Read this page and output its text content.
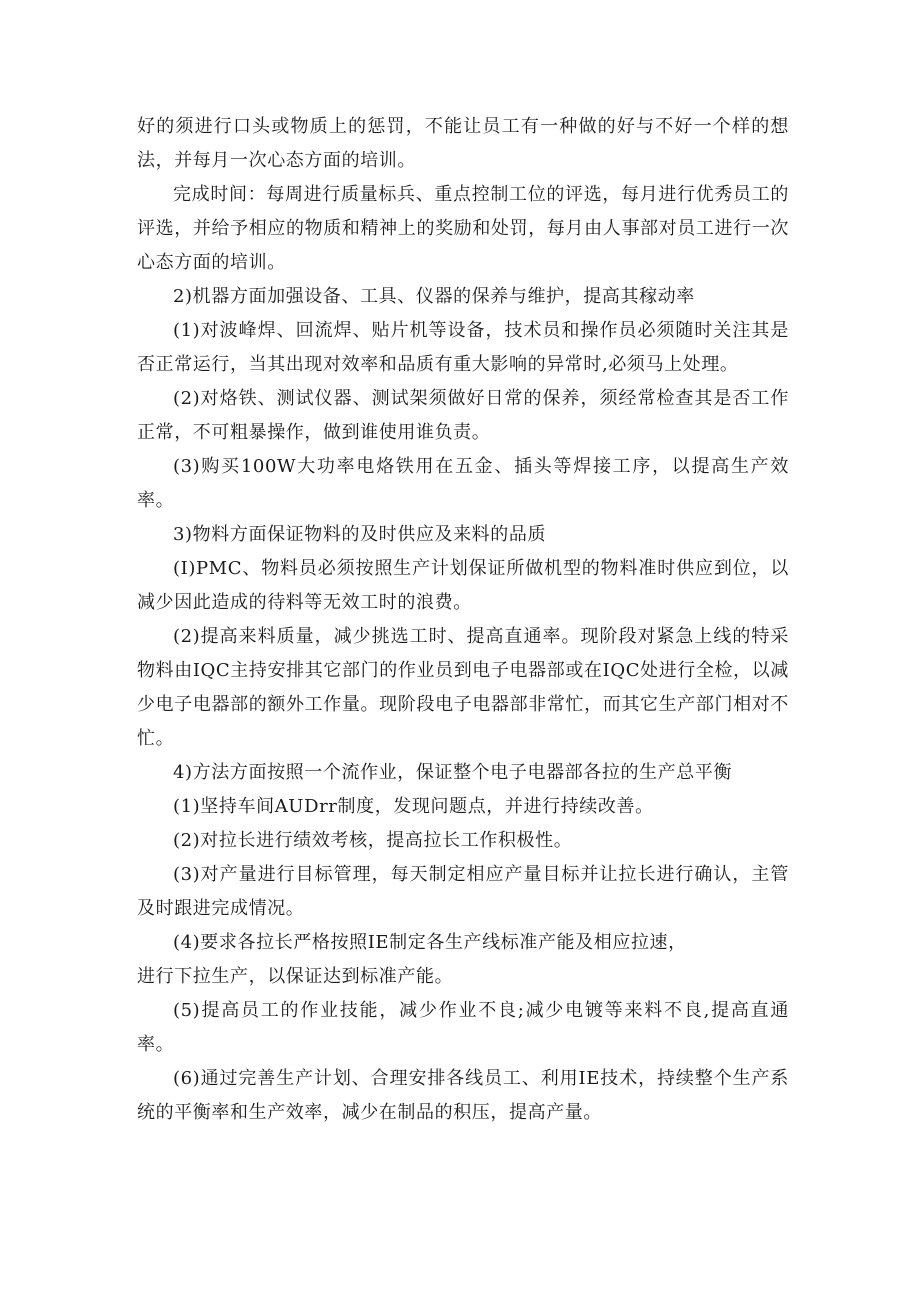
好的须进行口头或物质上的惩罚，不能让员工有一种做的好与不好一个样的想法，并每月一次心态方面的培训。

完成时间：每周进行质量标兵、重点控制工位的评选，每月进行优秀员工的评选，并给予相应的物质和精神上的奖励和处罚，每月由人事部对员工进行一次心态方面的培训。

2)机器方面加强设备、工具、仪器的保养与维护，提高其稼动率

(1)对波峰焊、回流焊、贴片机等设备，技术员和操作员必须随时关注其是否正常运行，当其出现对效率和品质有重大影响的异常时,必须马上处理。

(2)对烙铁、测试仪器、测试架须做好日常的保养，须经常检查其是否工作正常，不可粗暴操作，做到谁使用谁负责。

(3)购买100W大功率电烙铁用在五金、插头等焊接工序，以提高生产效率。

3)物料方面保证物料的及时供应及来料的品质

(I)PMC、物料员必须按照生产计划保证所做机型的物料准时供应到位，以减少因此造成的待料等无效工时的浪费。

(2)提高来料质量，减少挑选工时、提高直通率。现阶段对紧急上线的特采物料由IQC主持安排其它部门的作业员到电子电器部或在IQC处进行全检，以减少电子电器部的额外工作量。现阶段电子电器部非常忙，而其它生产部门相对不忙。

4)方法方面按照一个流作业，保证整个电子电器部各拉的生产总平衡

(1)坚持车间AUDrr制度，发现问题点，并进行持续改善。

(2)对拉长进行绩效考核，提高拉长工作积极性。

(3)对产量进行目标管理，每天制定相应产量目标并让拉长进行确认，主管及时跟进完成情况。

(4)要求各拉长严格按照IE制定各生产线标准产能及相应拉速，

进行下拉生产，以保证达到标准产能。

(5)提高员工的作业技能，减少作业不良;减少电镀等来料不良,提高直通率。

(6)通过完善生产计划、合理安排各线员工、利用IE技术，持续整个生产系统的平衡率和生产效率，减少在制品的积压，提高产量。
